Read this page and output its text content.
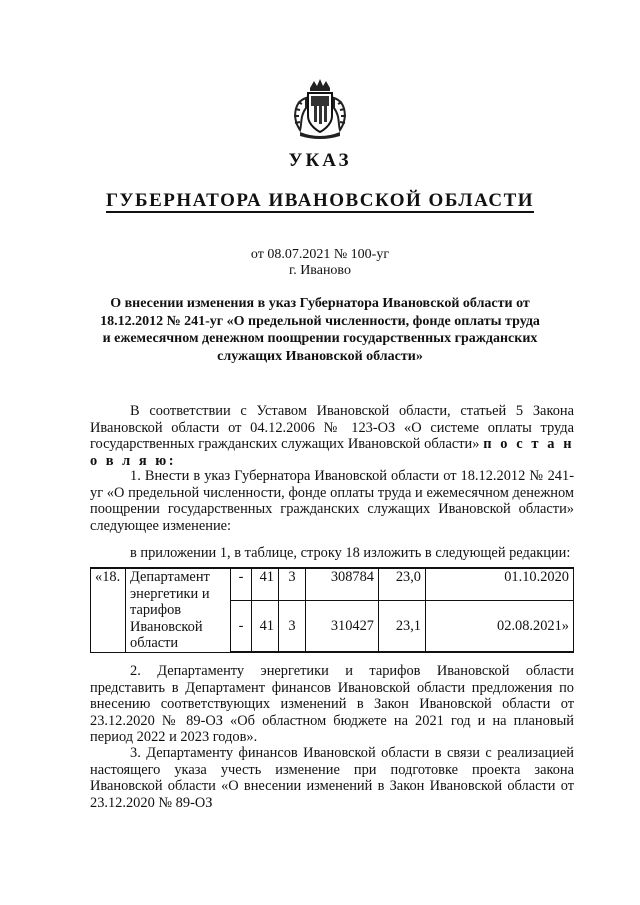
УКАЗ
ГУБЕРНАТОРА ИВАНОВСКОЙ ОБЛАСТИ
от 08.07.2021 № 100-уг
г. Иваново
О внесении изменения в указ Губернатора Ивановской области от 18.12.2012 № 241-уг «О предельной численности, фонде оплаты труда и ежемесячном денежном поощрении государственных гражданских служащих Ивановской области»
В соответствии с Уставом Ивановской области, статьей 5 Закона Ивановской области от 04.12.2006 № 123-ОЗ «О системе оплаты труда государственных гражданских служащих Ивановской области» п о с т а н о в л я ю:
1. Внести в указ Губернатора Ивановской области от 18.12.2012 № 241-уг «О предельной численности, фонде оплаты труда и ежемесячном денежном поощрении государственных гражданских служащих Ивановской области» следующее изменение:
в приложении 1, в таблице, строку 18 изложить в следующей редакции:
«18.	Департамент энергетики и тарифов Ивановской области	-	41	3	308784	23,0	01.10.2020
		-	41	3	310427	23,1	02.08.2021»
2. Департаменту энергетики и тарифов Ивановской области представить в Департамент финансов Ивановской области предложения по внесению соответствующих изменений в Закон Ивановской области от 23.12.2020 № 89-ОЗ «Об областном бюджете на 2021 год и на плановый период 2022 и 2023 годов».
3. Департаменту финансов Ивановской области в связи с реализацией настоящего указа учесть изменение при подготовке проекта закона Ивановской области «О внесении изменений в Закон Ивановской области от 23.12.2020 № 89-ОЗ
